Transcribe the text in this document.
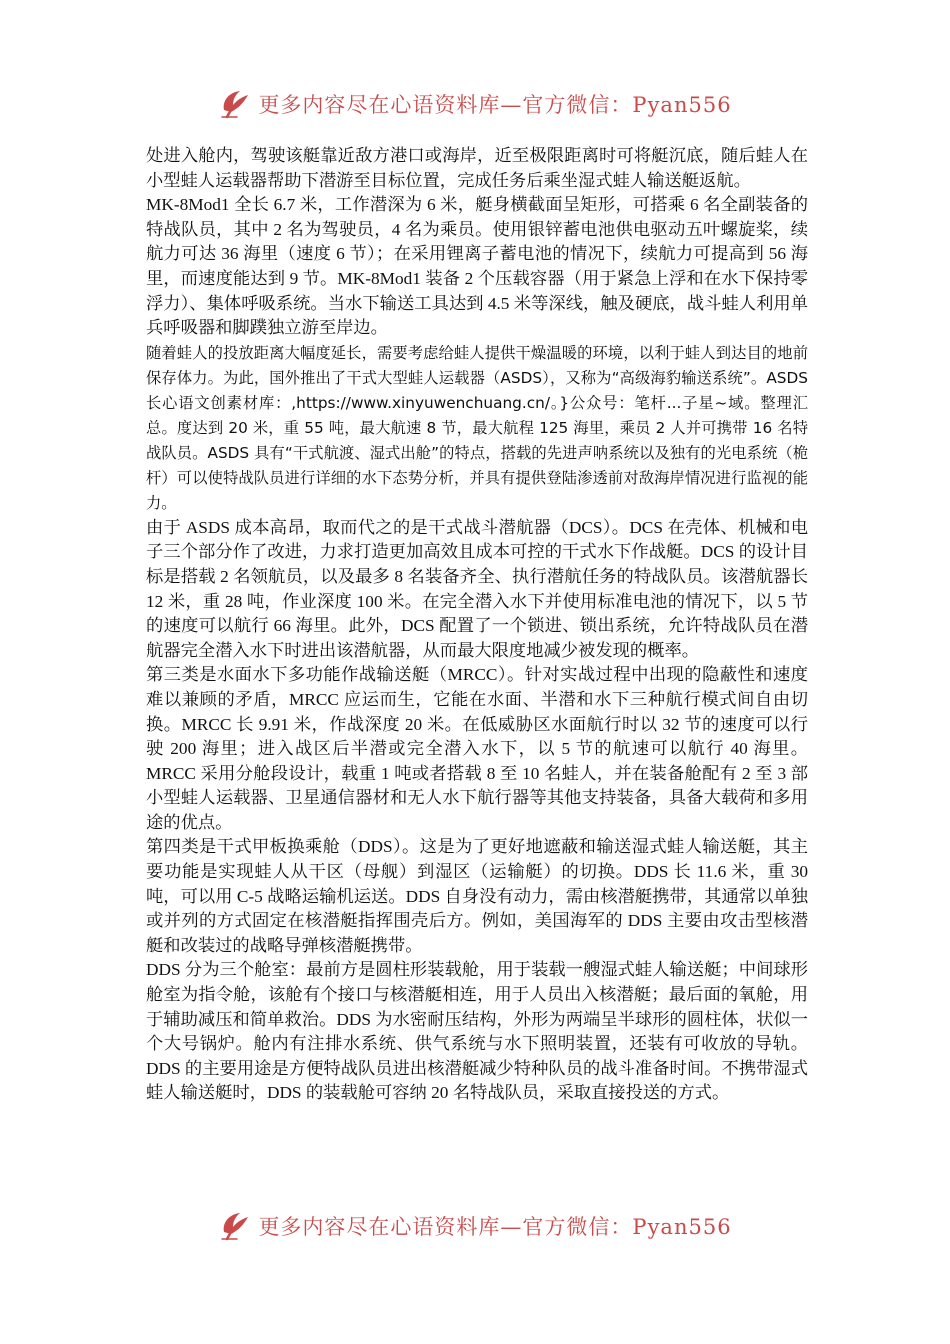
更多内容尽在心语资料库—官方微信：Pyan556

处进入舱内，驾驶该艇靠近敌方港口或海岸，近至极限距离时可将艇沉底，随后蛙人在小型蛙人运载器帮助下潜游至目标位置，完成任务后乘坐湿式蛙人输送艇返航。

MK-8Mod1 全长 6.7 米，工作潜深为 6 米，艇身横截面呈矩形，可搭乘 6 名全副装备的特战队员，其中 2 名为驾驶员，4 名为乘员。使用银锌蓄电池供电驱动五叶螺旋桨，续航力可达 36 海里（速度 6 节）；在采用锂离子蓄电池的情况下，续航力可提高到 56 海里，而速度能达到 9 节。MK-8Mod1 装备 2 个压载容器（用于紧急上浮和在水下保持零浮力）、集体呼吸系统。当水下输送工具达到 4.5 米等深线，触及硬底，战斗蛙人利用单兵呼吸器和脚蹼独立游至岸边。

随着蛙人的投放距离大幅度延长，需要考虑给蛙人提供干燥温暖的环境，以利于蛙人到达目的地前保存体力。为此，国外推出了干式大型蛙人运载器（ASDS），又称为“高级海豹输送系统”。ASDS 长心语文创素材库：,https://www.xinyuwenchuang.cn/。}公众号：笔杆...子星~域。整理汇总。度达到 20 米，重 55 吨，最大航速 8 节，最大航程 125 海里，乘员 2 人并可携带 16 名特战队员。ASDS 具有“干式航渡、湿式出舱”的特点，搭载的先进声呐系统以及独有的光电系统（桅杆）可以使特战队员进行详细的水下态势分析，并具有提供登陆渗透前对敌海岸情况进行监视的能力。

由于 ASDS 成本高昂，取而代之的是干式战斗潜航器（DCS）。DCS 在壳体、机械和电子三个部分作了改进，力求打造更加高效且成本可控的干式水下作战艇。DCS 的设计目标是搭载 2 名领航员，以及最多 8 名装备齐全、执行潜航任务的特战队员。该潜航器长 12 米，重 28 吨，作业深度 100 米。在完全潜入水下并使用标准电池的情况下，以 5 节的速度可以航行 66 海里。此外，DCS 配置了一个锁进、锁出系统，允许特战队员在潜航器完全潜入水下时进出该潜航器，从而最大限度地减少被发现的概率。

第三类是水面水下多功能作战输送艇（MRCC）。针对实战过程中出现的隐蔽性和速度难以兼顾的矛盾，MRCC 应运而生，它能在水面、半潜和水下三种航行模式间自由切换。MRCC 长 9.91 米，作战深度 20 米。在低威胁区水面航行时以 32 节的速度可以行驶 200 海里；进入战区后半潜或完全潜入水下，以 5 节的航速可以航行 40 海里。MRCC 采用分舱段设计，载重 1 吨或者搭载 8 至 10 名蛙人，并在装备舱配有 2 至 3 部小型蛙人运载器、卫星通信器材和无人水下航行器等其他支持装备，具备大载荷和多用途的优点。

第四类是干式甲板换乘舱（DDS）。这是为了更好地遮蔽和输送湿式蛙人输送艇，其主要功能是实现蛙人从干区（母舰）到湿区（运输艇）的切换。DDS 长 11.6 米，重 30 吨，可以用 C-5 战略运输机运送。DDS 自身没有动力，需由核潜艇携带，其通常以单独或并列的方式固定在核潜艇指挥围壳后方。例如，美国海军的 DDS 主要由攻击型核潜艇和改装过的战略导弹核潜艇携带。

DDS 分为三个舱室：最前方是圆柱形装载舱，用于装载一艘湿式蛙人输送艇；中间球形舱室为指令舱，该舱有个接口与核潜艇相连，用于人员出入核潜艇；最后面的氧舱，用于辅助减压和简单救治。DDS 为水密耐压结构，外形为两端呈半球形的圆柱体，状似一个大号锅炉。舱内有注排水系统、供气系统与水下照明装置，还装有可收放的导轨。DDS 的主要用途是方便特战队员进出核潜艇减少特种队员的战斗准备时间。不携带湿式蛙人输送艇时，DDS 的装载舱可容纳 20 名特战队员，采取直接投送的方式。

更多内容尽在心语资料库—官方微信：Pyan556
